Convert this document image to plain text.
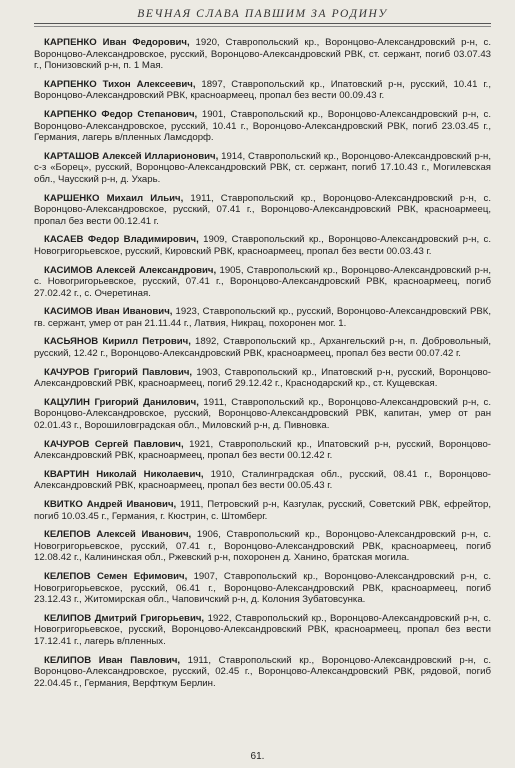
ВЕЧНАЯ СЛАВА ПАВШИМ ЗА РОДИНУ

КАРПЕНКО Иван Федорович, 1920, Ставропольский кр., Воронцово-Александровский р-н, с. Воронцово-Александровское, русский, Воронцово-Александровский РВК, ст. сержант, погиб 03.07.43 г., Понизовский р-н, п. 1 Мая.

КАРПЕНКО Тихон Алексеевич, 1897, Ставропольский кр., Ипатовский р-н, русский, 10.41 г., Воронцово-Александровский РВК, красноармеец, пропал без вести 00.09.43 г.

КАРПЕНКО Федор Степанович, 1901, Ставропольский кр., Воронцово-Александровский р-н, с. Воронцово-Александровское, русский, 10.41 г., Воронцово-Александровский РВК, погиб 23.03.45 г., Германия, лагерь в/пленных Ламсдорф.

КАРТАШОВ Алексей Илларионович, 1914, Ставропольский кр., Воронцово-Александровский р-н, с-з «Борец», русский, Воронцово-Александровский РВК, ст. сержант, погиб 17.10.43 г., Могилевская обл., Чаусский р-н, д. Ухарь.

КАРШЕНКО Михаил Ильич, 1911, Ставропольский кр., Воронцово-Александровский р-н, с. Воронцово-Александровское, русский, 07.41 г., Воронцово-Александровский РВК, красноармеец, пропал без вести 00.12.41 г.

КАСАЕВ Федор Владимирович, 1909, Ставропольский кр., Воронцово-Александровский р-н, с. Новогригорьевское, русский, Кировский РВК, красноармеец, пропал без вести 00.03.43 г.

КАСИМОВ Алексей Александрович, 1905, Ставропольский кр., Воронцово-Александровский р-н, с. Новогригорьевское, русский, 07.41 г., Воронцово-Александровский РВК, красноармеец, погиб 27.02.42 г., с. Очеретиная.

КАСИМОВ Иван Иванович, 1923, Ставропольский кр., русский, Воронцово-Александровский РВК, гв. сержант, умер от ран 21.11.44 г., Латвия, Никрац, похоронен мог. 1.

КАСЬЯНОВ Кирилл Петрович, 1892, Ставропольский кр., Архангельский р-н, п. Добровольный, русский, 12.42 г., Воронцово-Александровский РВК, красноармеец, пропал без вести 00.07.42 г.

КАЧУРОВ Григорий Павлович, 1903, Ставропольский кр., Ипатовский р-н, русский, Воронцово-Александровский РВК, красноармеец, погиб 29.12.42 г., Краснодарский кр., ст. Кущевская.

КАЦУЛИН Григорий Данилович, 1911, Ставропольский кр., Воронцово-Александровский р-н, с. Воронцово-Александровское, русский, Воронцово-Александровский РВК, капитан, умер от ран 02.01.43 г., Ворошиловградская обл., Миловский р-н, д. Пивновка.

КАЧУРОВ Сергей Павлович, 1921, Ставропольский кр., Ипатовский р-н, русский, Воронцово-Александровский РВК, красноармеец, пропал без вести 00.12.42 г.

КВАРТИН Николай Николаевич, 1910, Сталинградская обл., русский, 08.41 г., Воронцово-Александровский РВК, красноармеец, пропал без вести 00.05.43 г.

КВИТКО Андрей Иванович, 1911, Петровский р-н, Казгулак, русский, Советский РВК, ефрейтор, погиб 10.03.45 г., Германия, г. Кюстрин, с. Штомберг.

КЕЛЕПОВ Алексей Иванович, 1906, Ставропольский кр., Воронцово-Александровский р-н, с. Новогригорьевское, русский, 07.41 г., Воронцово-Александровский РВК, красноармеец, погиб 12.08.42 г., Калининская обл., Ржевский р-н, похоронен д. Ханино, братская могила.

КЕЛЕПОВ Семен Ефимович, 1907, Ставропольский кр., Воронцово-Александровский р-н, с. Новогригорьевское, русский, 06.41 г., Воронцово-Александровский РВК, красноармеец, погиб 23.12.43 г., Житомирская обл., Чаповичский р-н, д. Колония Зубатовсунка.

КЕЛИПОВ Дмитрий Григорьевич, 1922, Ставропольский кр., Воронцово-Александровский р-н, с. Новогригорьевское, русский, Воронцово-Александровский РВК, красноармеец, пропал без вести 17.12.41 г., лагерь в/пленных.

КЕЛИПОВ Иван Павлович, 1911, Ставропольский кр., Воронцово-Александровский р-н, с. Воронцово-Александровское, русский, 02.45 г., Воронцово-Александровский РВК, рядовой, погиб 22.04.45 г., Германия, Верфткум Берлин.

61.
